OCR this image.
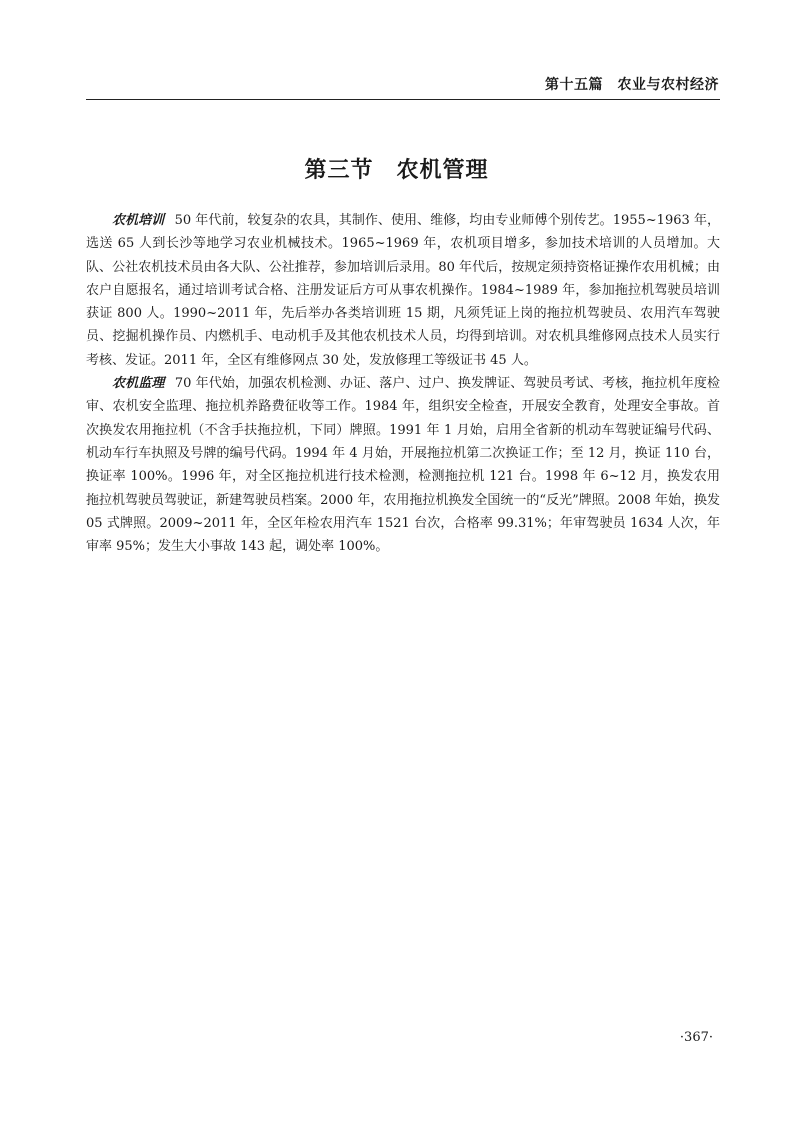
第十五篇　农业与农村经济
第三节　农机管理

农机培训 50 年代前，较复杂的农具，其制作、使用、维修，均由专业师傅个别传艺。1955~1963 年，选送 65 人到长沙等地学习农业机械技术。1965~1969 年，农机项目增多，参加技术培训的人员增加。大队、公社农机技术员由各大队、公社推荐，参加培训后录用。80 年代后，按规定须持资格证操作农用机械；由农户自愿报名，通过培训考试合格、注册发证后方可从事农机操作。1984~1989 年，参加拖拉机驾驶员培训获证 800 人。1990~2011 年，先后举办各类培训班 15 期，凡须凭证上岗的拖拉机驾驶员、农用汽车驾驶员、挖掘机操作员、内燃机手、电动机手及其他农机技术人员，均得到培训。对农机具维修网点技术人员实行考核、发证。2011 年，全区有维修网点 30 处，发放修理工等级证书 45 人。

农机监理 70 年代始，加强农机检测、办证、落户、过户、换发牌证、驾驶员考试、考核，拖拉机年度检审、农机安全监理、拖拉机养路费征收等工作。1984 年，组织安全检查，开展安全教育，处理安全事故。首次换发农用拖拉机（不含手扶拖拉机，下同）牌照。1991 年 1 月始，启用全省新的机动车驾驶证编号代码、机动车行车执照及号牌的编号代码。1994 年 4 月始，开展拖拉机第二次换证工作；至 12 月，换证 110 台，换证率 100%。1996 年，对全区拖拉机进行技术检测，检测拖拉机 121 台。1998 年 6~12 月，换发农用拖拉机驾驶员驾驶证，新建驾驶员档案。2000 年，农用拖拉机换发全国统一的“反光”牌照。2008 年始，换发 05 式牌照。2009~2011 年，全区年检农用汽车 1521 台次，合格率 99.31%；年审驾驶员 1634 人次，年审率 95%；发生大小事故 143 起，调处率 100%。

·367·
